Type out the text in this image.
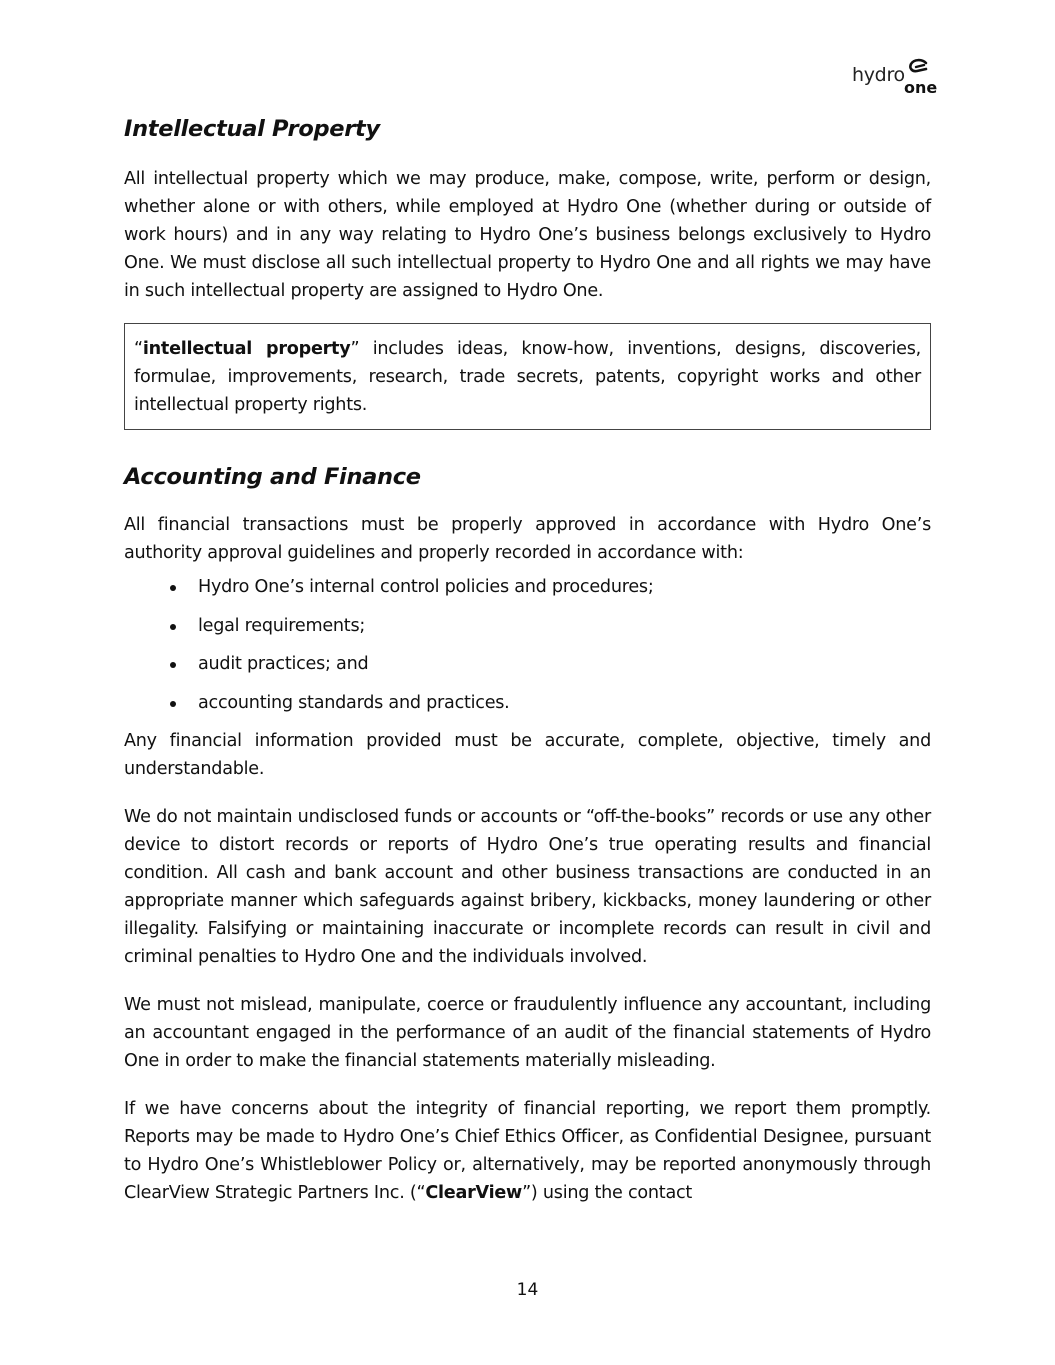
hydro
one
Intellectual Property

All intellectual property which we may produce, make, compose, write, perform or design, whether alone or with others, while employed at Hydro One (whether during or outside of work hours) and in any way relating to Hydro One’s business belongs exclusively to Hydro One. We must disclose all such intellectual property to Hydro One and all rights we may have in such intellectual property are assigned to Hydro One.

“intellectual property” includes ideas, know-how, inventions, designs, discoveries, formulae, improvements, research, trade secrets, patents, copyright works and other intellectual property rights.

Accounting and Finance

All financial transactions must be properly approved in accordance with Hydro One’s authority approval guidelines and properly recorded in accordance with:

Hydro One’s internal control policies and procedures;
legal requirements;
audit practices; and
accounting standards and practices.

Any financial information provided must be accurate, complete, objective, timely and understandable.

We do not maintain undisclosed funds or accounts or “off-the-books” records or use any other device to distort records or reports of Hydro One’s true operating results and financial condition. All cash and bank account and other business transactions are conducted in an appropriate manner which safeguards against bribery, kickbacks, money laundering or other illegality. Falsifying or maintaining inaccurate or incomplete records can result in civil and criminal penalties to Hydro One and the individuals involved.

We must not mislead, manipulate, coerce or fraudulently influence any accountant, including an accountant engaged in the performance of an audit of the financial statements of Hydro One in order to make the financial statements materially misleading.

If we have concerns about the integrity of financial reporting, we report them promptly. Reports may be made to Hydro One’s Chief Ethics Officer, as Confidential Designee, pursuant to Hydro One’s Whistleblower Policy or, alternatively, may be reported anonymously through ClearView Strategic Partners Inc. (“ClearView”) using the contact

14
